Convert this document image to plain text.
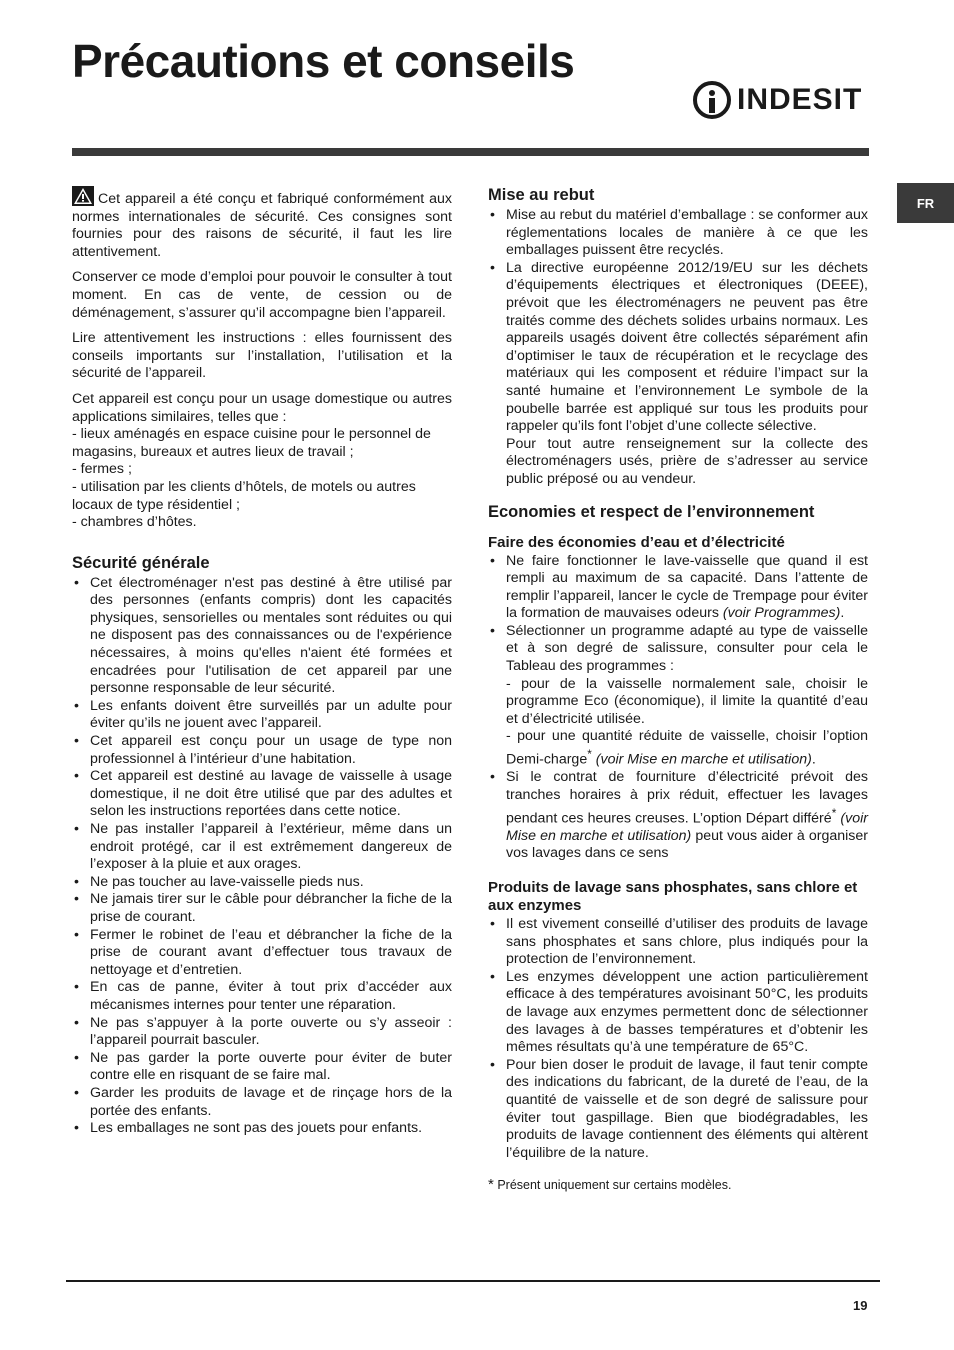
Précautions et conseils
INDESIT
FR

Cet appareil a été conçu et fabriqué conformément aux normes internationales de sécurité. Ces consignes sont fournies pour des raisons de sécurité, il faut les lire attentivement.

Conserver ce mode d’emploi pour pouvoir le consulter à tout moment. En cas de vente, de cession ou de déménagement, s’assurer qu’il accompagne bien l’appareil.

Lire attentivement les instructions : elles fournissent des conseils importants sur l’installation, l’utilisation et la sécurité de l’appareil.

Cet appareil est conçu pour un usage domestique ou autres applications similaires, telles que :
- lieux aménagés en espace cuisine pour le personnel de magasins, bureaux et autres lieux de travail ;
- fermes ;
- utilisation par les clients d’hôtels, de motels ou autres locaux de type résidentiel ;
- chambres d’hôtes.

Sécurité générale
• Cet électroménager n'est pas destiné à être utilisé par des personnes (enfants compris) dont les capacités physiques, sensorielles ou mentales sont réduites ou qui ne disposent pas des connaissances ou de l'expérience nécessaires, à moins qu'elles n'aient été formées et encadrées pour l'utilisation de cet appareil par une personne responsable de leur sécurité.
• Les enfants doivent être surveillés par un adulte pour éviter qu’ils ne jouent avec l’appareil.
• Cet appareil est conçu pour un usage de type non professionnel à l’intérieur d’une habitation.
• Cet appareil est destiné au lavage de vaisselle à usage domestique, il ne doit être utilisé que par des adultes et selon les instructions reportées dans cette notice.
• Ne pas installer l’appareil à l’extérieur, même dans un endroit protégé, car il est extrêmement dangereux de l’exposer à la pluie et aux orages.
• Ne pas toucher au lave-vaisselle pieds nus.
• Ne jamais tirer sur le câble pour débrancher la fiche de la prise de courant.
• Fermer le robinet de l’eau et débrancher la fiche de la prise de courant avant d’effectuer tous travaux de nettoyage et d’entretien.
• En cas de panne, éviter à tout prix d’accéder aux mécanismes internes pour tenter une réparation.
• Ne pas s’appuyer à la porte ouverte ou s’y asseoir : l’appareil pourrait basculer.
• Ne pas garder la porte ouverte pour éviter de buter contre elle en risquant de se faire mal.
• Garder les produits de lavage et de rinçage hors de la portée des enfants.
• Les emballages ne sont pas des jouets pour enfants.
Mise au rebut
• Mise au rebut du matériel d’emballage : se conformer aux réglementations locales de manière à ce que les emballages puissent être recyclés.
• La directive européenne 2012/19/EU sur les déchets d’équipements électriques et électroniques (DEEE), prévoit que les électroménagers ne peuvent pas être traités comme des déchets solides urbains normaux. Les appareils usagés doivent être collectés séparément afin d’optimiser le taux de récupération et le recyclage des matériaux qui les composent et réduire l’impact sur la santé humaine et l’environnement Le symbole de la poubelle barrée est appliqué sur tous les produits pour rappeler qu’ils font l’objet d’une collecte sélective.
Pour tout autre renseignement sur la collecte des électroménagers usés, prière de s’adresser au service public préposé ou au vendeur.
Economies et respect de l’environnement
Faire des économies d’eau et d’électricité
• Ne faire fonctionner le lave-vaisselle que quand il est rempli au maximum de sa capacité. Dans l’attente de remplir l’appareil, lancer le cycle de Trempage pour éviter la formation de mauvaises odeurs (voir Programmes).
• Sélectionner un programme adapté au type de vaisselle et à son degré de salissure, consulter pour cela le Tableau des programmes :
- pour de la vaisselle normalement sale, choisir le programme Eco (économique), il limite la quantité d’eau et d’électricité utilisée.
- pour une quantité réduite de vaisselle, choisir l’option Demi-charge* (voir Mise en marche et utilisation).
• Si le contrat de fourniture d’électricité prévoit des tranches horaires à prix réduit, effectuer les lavages pendant ces heures creuses. L’option Départ différé* (voir Mise en marche et utilisation) peut vous aider à organiser vos lavages dans ce sens
Produits de lavage sans phosphates, sans chlore et aux enzymes
• Il est vivement conseillé d’utiliser des produits de lavage sans phosphates et sans chlore, plus indiqués pour la protection de l’environnement.
• Les enzymes développent une action particulièrement efficace à des températures avoisinant 50°C, les produits de lavage aux enzymes permettent donc de sélectionner des lavages à de basses températures et d’obtenir les mêmes résultats qu’à une température de 65°C.
• Pour bien doser le produit de lavage, il faut tenir compte des indications du fabricant, de la dureté de l’eau, de la quantité de vaisselle et de son degré de salissure pour éviter tout gaspillage. Bien que biodégradables, les produits de lavage contiennent des éléments qui altèrent l’équilibre de la nature.
* Présent uniquement sur certains modèles.
19
